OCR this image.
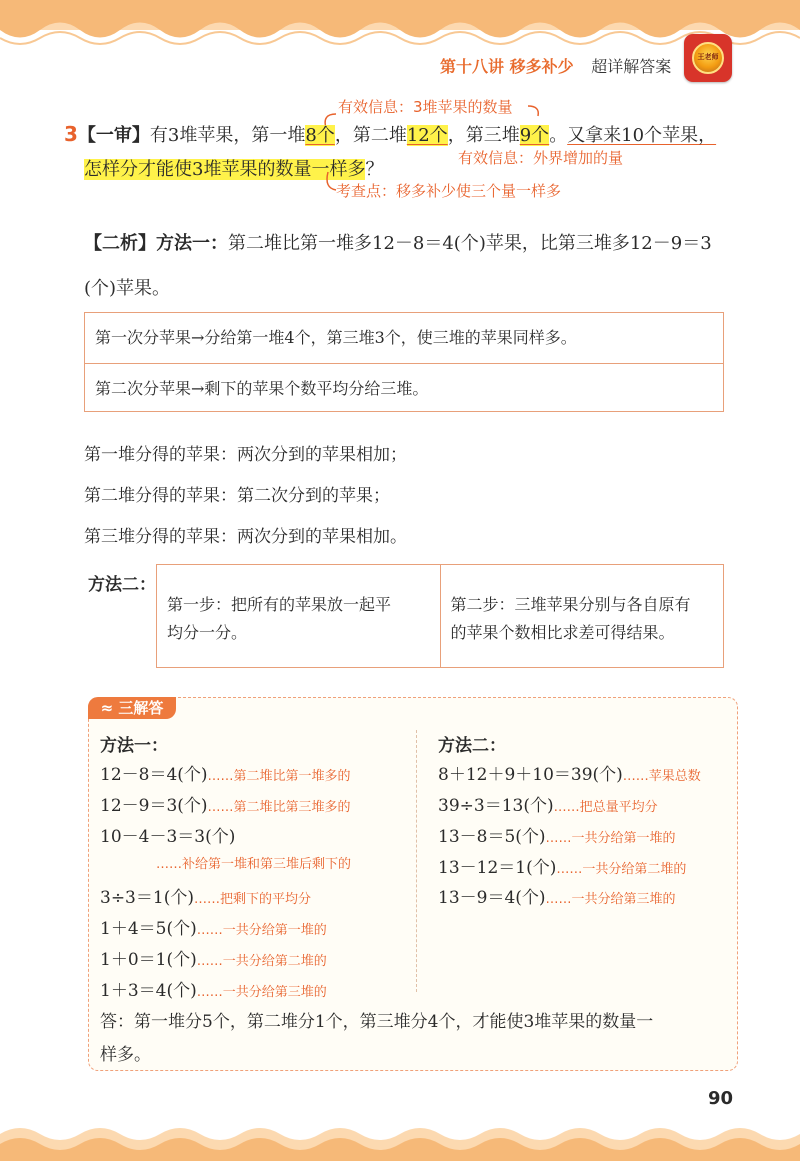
第十八讲 移多补少 超详解答案	王老师
有效信息：3堆苹果的数量
3【一审】有3堆苹果，第一堆8个，第二堆12个，第三堆9个。又拿来10个苹果，
怎样分才能使3堆苹果的数量一样多？
有效信息：外界增加的量
考查点：移多补少使三个量一样多
【二析】方法一：第二堆比第一堆多12－8＝4(个)苹果，比第三堆多12－9＝3
(个)苹果。
第一次分苹果→分给第一堆4个，第三堆3个，使三堆的苹果同样多。
第二次分苹果→剩下的苹果个数平均分给三堆。
第一堆分得的苹果：两次分到的苹果相加；
第二堆分得的苹果：第二次分到的苹果；
第三堆分得的苹果：两次分到的苹果相加。
方法二：
第一步：把所有的苹果放一起平
均分一分。
第二步：三堆苹果分别与各自原有
的苹果个数相比求差可得结果。
≈ 三解答
方法一：	方法二：
12－8＝4(个)……第二堆比第一堆多的
12－9＝3(个)……第二堆比第三堆多的
10－4－3＝3(个)
……补给第一堆和第三堆后剩下的
3÷3＝1(个)……把剩下的平均分
1＋4＝5(个)……一共分给第一堆的
1＋0＝1(个)……一共分给第二堆的
1＋3＝4(个)……一共分给第三堆的
8＋12＋9＋10＝39(个)……苹果总数
39÷3＝13(个)……把总量平均分
13－8＝5(个)……一共分给第一堆的
13－12＝1(个)……一共分给第二堆的
13－9＝4(个)……一共分给第三堆的
答：第一堆分5个，第二堆分1个，第三堆分4个，才能使3堆苹果的数量一
样多。
90
